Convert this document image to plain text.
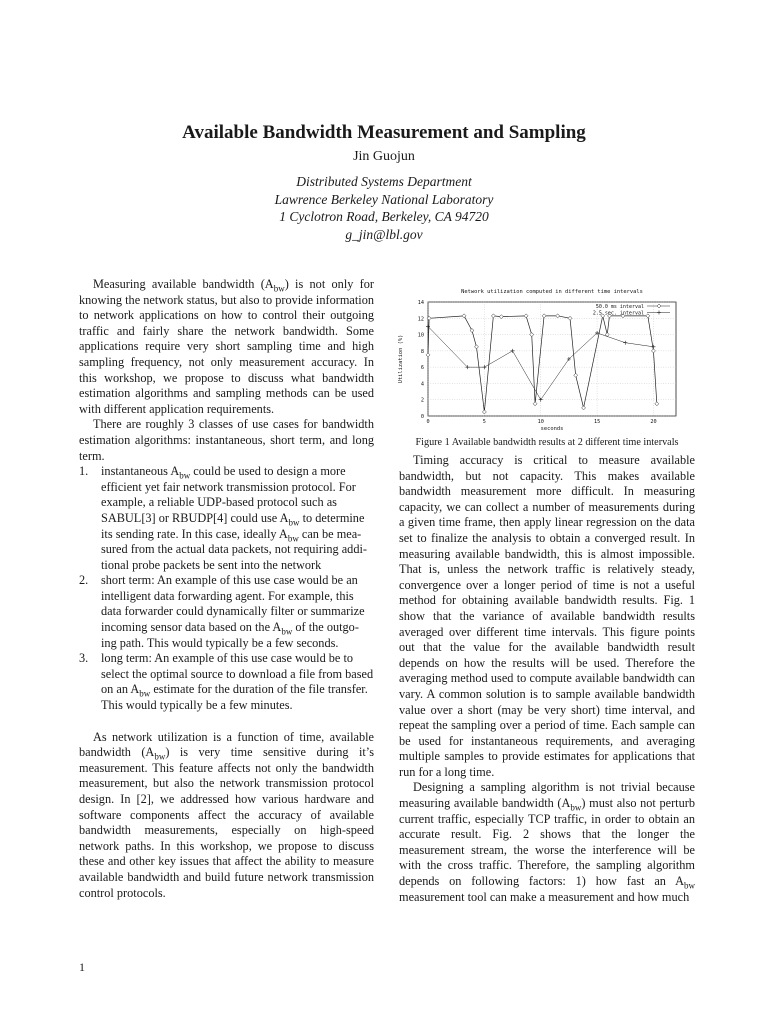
Available Bandwidth Measurement and Sampling
Jin Guojun
Distributed Systems Department
Lawrence Berkeley National Laboratory
1 Cyclotron Road, Berkeley, CA 94720
g_jin@lbl.gov

Measuring available bandwidth $(A_{bw})$ is not only for knowing the network status, but also to provide information to network applications on how to control their outgoing traffic and fairly share the network bandwidth. Some applications require very short sampling time and high sampling frequency, not only measurement accuracy. In this workshop, we propose to discuss what bandwidth estimation algorithms and sampling methods can be used with different application requirements.

There are roughly 3 classes of use cases for bandwidth estimation algorithms: instantaneous, short term, and long term.

1. instantaneous $A_{bw}$ could be used to design a more efficient yet fair network transmission protocol. For example, a reliable UDP-based protocol such as SABUL[3] or RBUDP[4] could use $A_{bw}$ to determine its sending rate. In this case, ideally $A_{bw}$ can be mea-sured from the actual data packets, not requiring addi-tional probe packets be sent into the network
2. short term: An example of this use case would be an intelligent data forwarding agent. For example, this data forwarder could dynamically filter or summarize incoming sensor data based on the $A_{bw}$ of the outgo-ing path. This would typically be a few seconds.
3. long term: An example of this use case would be to select the optimal source to download a file from based on an $A_{bw}$ estimate for the duration of the file transfer. This would typically be a few minutes.

As network utilization is a function of time, available bandwidth $(A_{bw})$ is very time sensitive during it’s measurement. This feature affects not only the bandwidth measurement, but also the network transmission protocol design. In [2], we addressed how various hardware and software components affect the accuracy of available bandwidth measurements, especially on high-speed network paths. In this workshop, we propose to discuss these and other key issues that affect the ability to measure available bandwidth and build future network transmission control protocols.

Network utilization computed in different time intervals
seconds
Utilization (%)
0
2
4
6
8
10
12
14
0	5	10	15	20
50.0 ms interval
2.5 sec. interval
Figure 1 Available bandwidth results at 2 different time intervals

Timing accuracy is critical to measure available bandwidth, but not capacity. This makes available bandwidth measurement more difficult. In measuring capacity, we can collect a number of measurements during a given time frame, then apply linear regression on the data set to finalize the analysis to obtain a converged result. In measuring available bandwidth, this is almost impossible. That is, unless the network traffic is relatively steady, convergence over a longer period of time is not a useful method for obtaining available bandwidth results. Fig. 1 show that the variance of available bandwidth results averaged over different time intervals. This figure points out that the value for the available bandwidth result depends on how the results will be used. Therefore the averaging method used to compute available bandwidth can vary. A common solution is to sample available bandwidth value over a short (may be very short) time interval, and repeat the sampling over a period of time. Each sample can be used for instantaneous requirements, and averaging multiple samples to provide estimates for applications that run for a long time.

Designing a sampling algorithm is not trivial because measuring available bandwidth $(A_{bw})$ must also not perturb current traffic, especially TCP traffic, in order to obtain an accurate result. Fig. 2 shows that the longer the measurement stream, the worse the interference will be with the cross traffic. Therefore, the sampling algorithm depends on following factors: 1) how fast an $A_{bw}$ measurement tool can make a measurement and how much

1
